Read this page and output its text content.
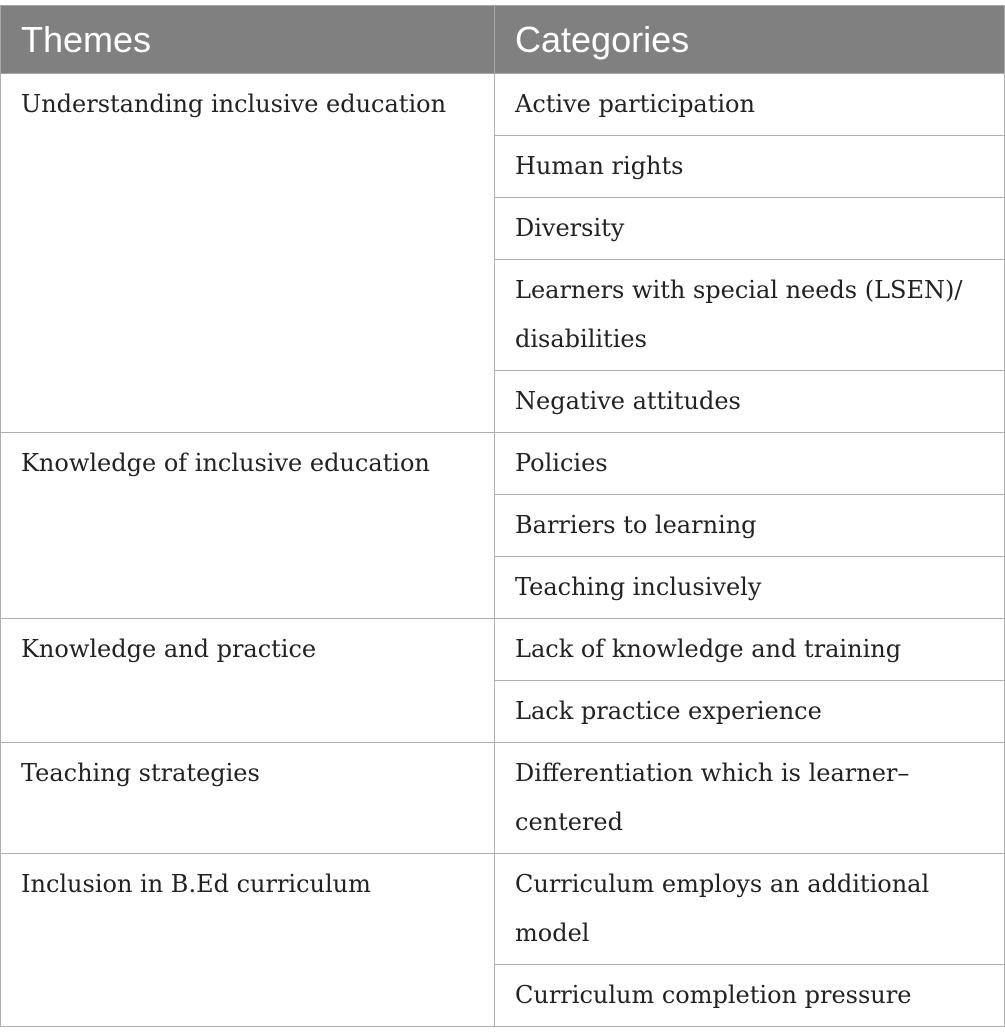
Themes	Categories
Understanding inclusive education	Active participation
	Human rights
	Diversity
	Learners with special needs (LSEN)/ disabilities
	Negative attitudes
Knowledge of inclusive education	Policies
	Barriers to learning
	Teaching inclusively
Knowledge and practice	Lack of knowledge and training
	Lack practice experience
Teaching strategies	Differentiation which is learner–centered
Inclusion in B.Ed curriculum	Curriculum employs an additional model
	Curriculum completion pressure
